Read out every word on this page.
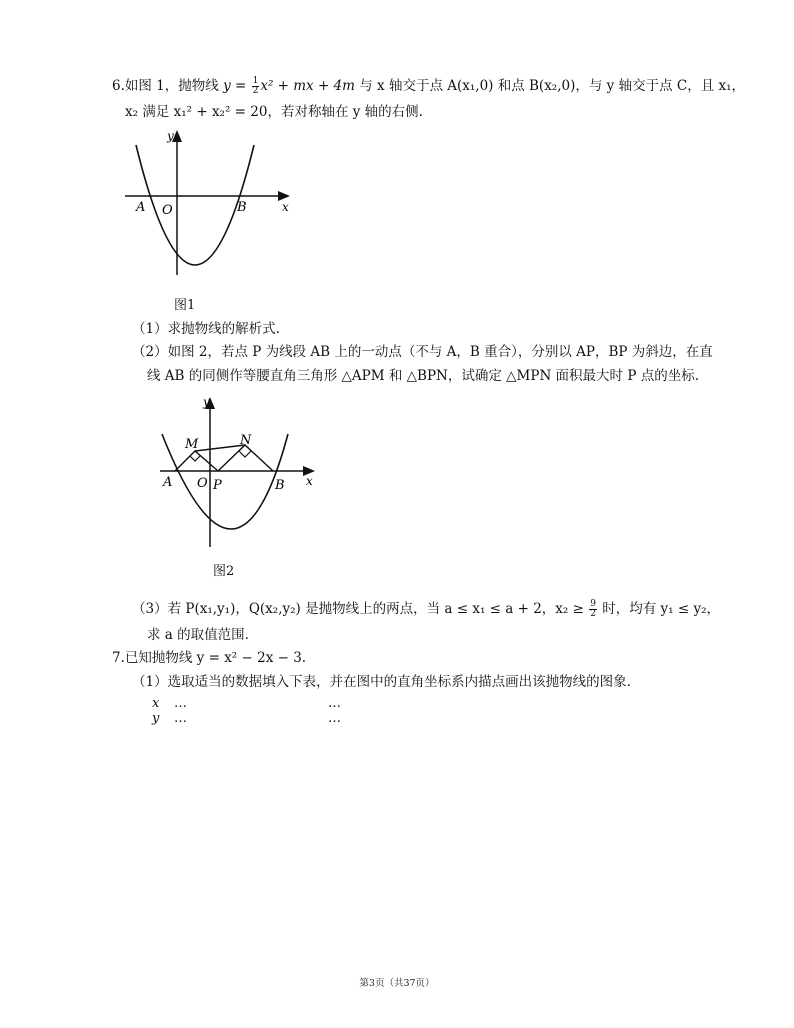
6.如图 1，抛物线 $y = \frac{1}{2} x^2$ + mx + 4m 与 x 轴交于点 A(x₁,0) 和点 B(x₂,0)，与 y 轴交于点 C，且 x₁，
x₂ 满足 x₁² + x₂² = 20，若对称轴在 y 轴的右侧.
y
x
A O	B
图1
（1）求抛物线的解析式.
（2）如图 2，若点 P 为线段 AB 上的一动点（不与 A，B 重合），分别以 AP，BP 为斜边，在直
线 AB 的同侧作等腰直角三角形 △APM 和 △BPN，试确定 △MPN 面积最大时 P 点的坐标.
y
x
A O P	B
M	N
图2
（3）若 P(x₁,y₁)，Q(x₂,y₂) 是抛物线上的两点，当 a ≤ x₁ ≤ a + 2，$x_2 \ge \frac{9}{2}$ 时，均有 y₁ ≤ y₂，
求 a 的取值范围.
7.已知抛物线 y = x² − 2x − 3.
（1）选取适当的数据填入下表，并在图中的直角坐标系内描点画出该抛物线的图象.
x …	…
y …	…
第3页（共37页）
